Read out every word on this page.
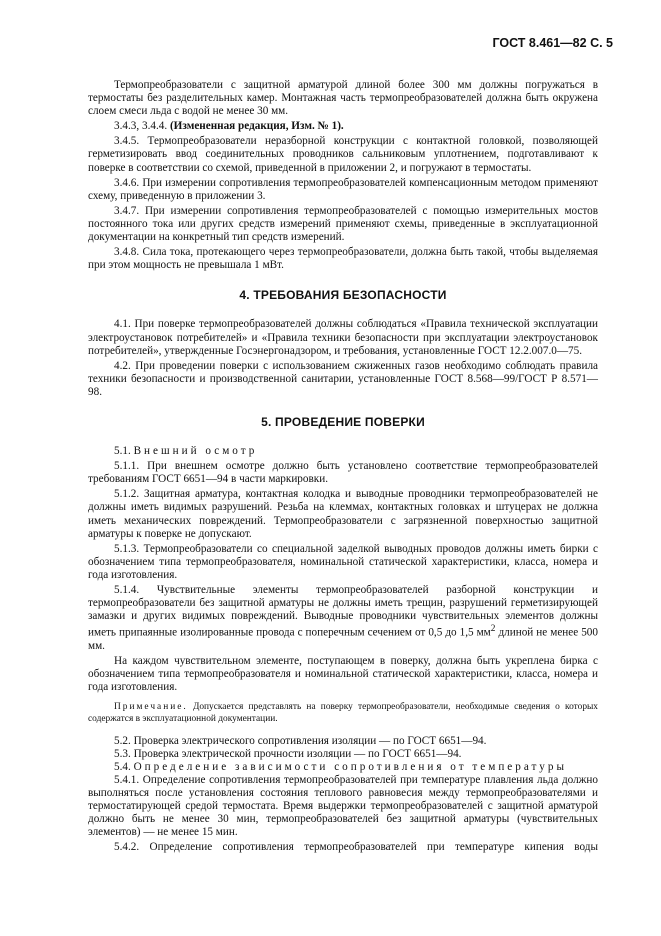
ГОСТ 8.461—82 С. 5

Термопреобразователи с защитной арматурой длиной более 300 мм должны погружаться в термостаты без разделительных камер. Монтажная часть термопреобразователей должна быть окружена слоем смеси льда с водой не менее 30 мм.

3.4.3, 3.4.4. (Измененная редакция, Изм. № 1).

3.4.5. Термопреобразователи неразборной конструкции с контактной головкой, позволяющей герметизировать ввод соединительных проводников сальниковым уплотнением, подготавливают к поверке в соответствии со схемой, приведенной в приложении 2, и погружают в термостаты.

3.4.6. При измерении сопротивления термопреобразователей компенсационным методом применяют схему, приведенную в приложении 3.

3.4.7. При измерении сопротивления термопреобразователей с помощью измерительных мостов постоянного тока или других средств измерений применяют схемы, приведенные в эксплуатационной документации на конкретный тип средств измерений.

3.4.8. Сила тока, протекающего через термопреобразователи, должна быть такой, чтобы выделяемая при этом мощность не превышала 1 мВт.

4. ТРЕБОВАНИЯ БЕЗОПАСНОСТИ

4.1. При поверке термопреобразователей должны соблюдаться «Правила технической эксплуатации электроустановок потребителей» и «Правила техники безопасности при эксплуатации электроустановок потребителей», утвержденные Госэнергонадзором, и требования, установленные ГОСТ 12.2.007.0—75.

4.2. При проведении поверки с использованием сжиженных газов необходимо соблюдать правила техники безопасности и производственной санитарии, установленные ГОСТ 8.568—99/ГОСТ Р 8.571—98.

5. ПРОВЕДЕНИЕ ПОВЕРКИ

5.1. Внешний осмотр

5.1.1. При внешнем осмотре должно быть установлено соответствие термопреобразователей требованиям ГОСТ 6651—94 в части маркировки.

5.1.2. Защитная арматура, контактная колодка и выводные проводники термопреобразователей не должны иметь видимых разрушений. Резьба на клеммах, контактных головках и штуцерах не должна иметь механических повреждений. Термопреобразователи с загрязненной поверхностью защитной арматуры к поверке не допускают.

5.1.3. Термопреобразователи со специальной заделкой выводных проводов должны иметь бирки с обозначением типа термопреобразователя, номинальной статической характеристики, класса, номера и года изготовления.

5.1.4. Чувствительные элементы термопреобразователей разборной конструкции и термопреобразователи без защитной арматуры не должны иметь трещин, разрушений герметизирующей замазки и других видимых повреждений. Выводные проводники чувствительных элементов должны иметь припаянные изолированные провода с поперечным сечением от 0,5 до 1,5 $мм^2$ длиной не менее 500 мм.

На каждом чувствительном элементе, поступающем в поверку, должна быть укреплена бирка с обозначением типа термопреобразователя и номинальной статической характеристики, класса, номера и года изготовления.

Примечание. Допускается представлять на поверку термопреобразователи, необходимые сведения о которых содержатся в эксплуатационной документации.

5.2. Проверка электрического сопротивления изоляции — по ГОСТ 6651—94.

5.3. Проверка электрической прочности изоляции — по ГОСТ 6651—94.

5.4. Определение зависимости сопротивления от температуры

5.4.1. Определение сопротивления термопреобразователей при температуре плавления льда должно выполняться после установления состояния теплового равновесия между термопреобразователями и термостатирующей средой термостата. Время выдержки термопреобразователей с защитной арматурой должно быть не менее 30 мин, термопреобразователей без защитной арматуры (чувствительных элементов) — не менее 15 мин.

5.4.2. Определение сопротивления термопреобразователей при температуре кипения воды
